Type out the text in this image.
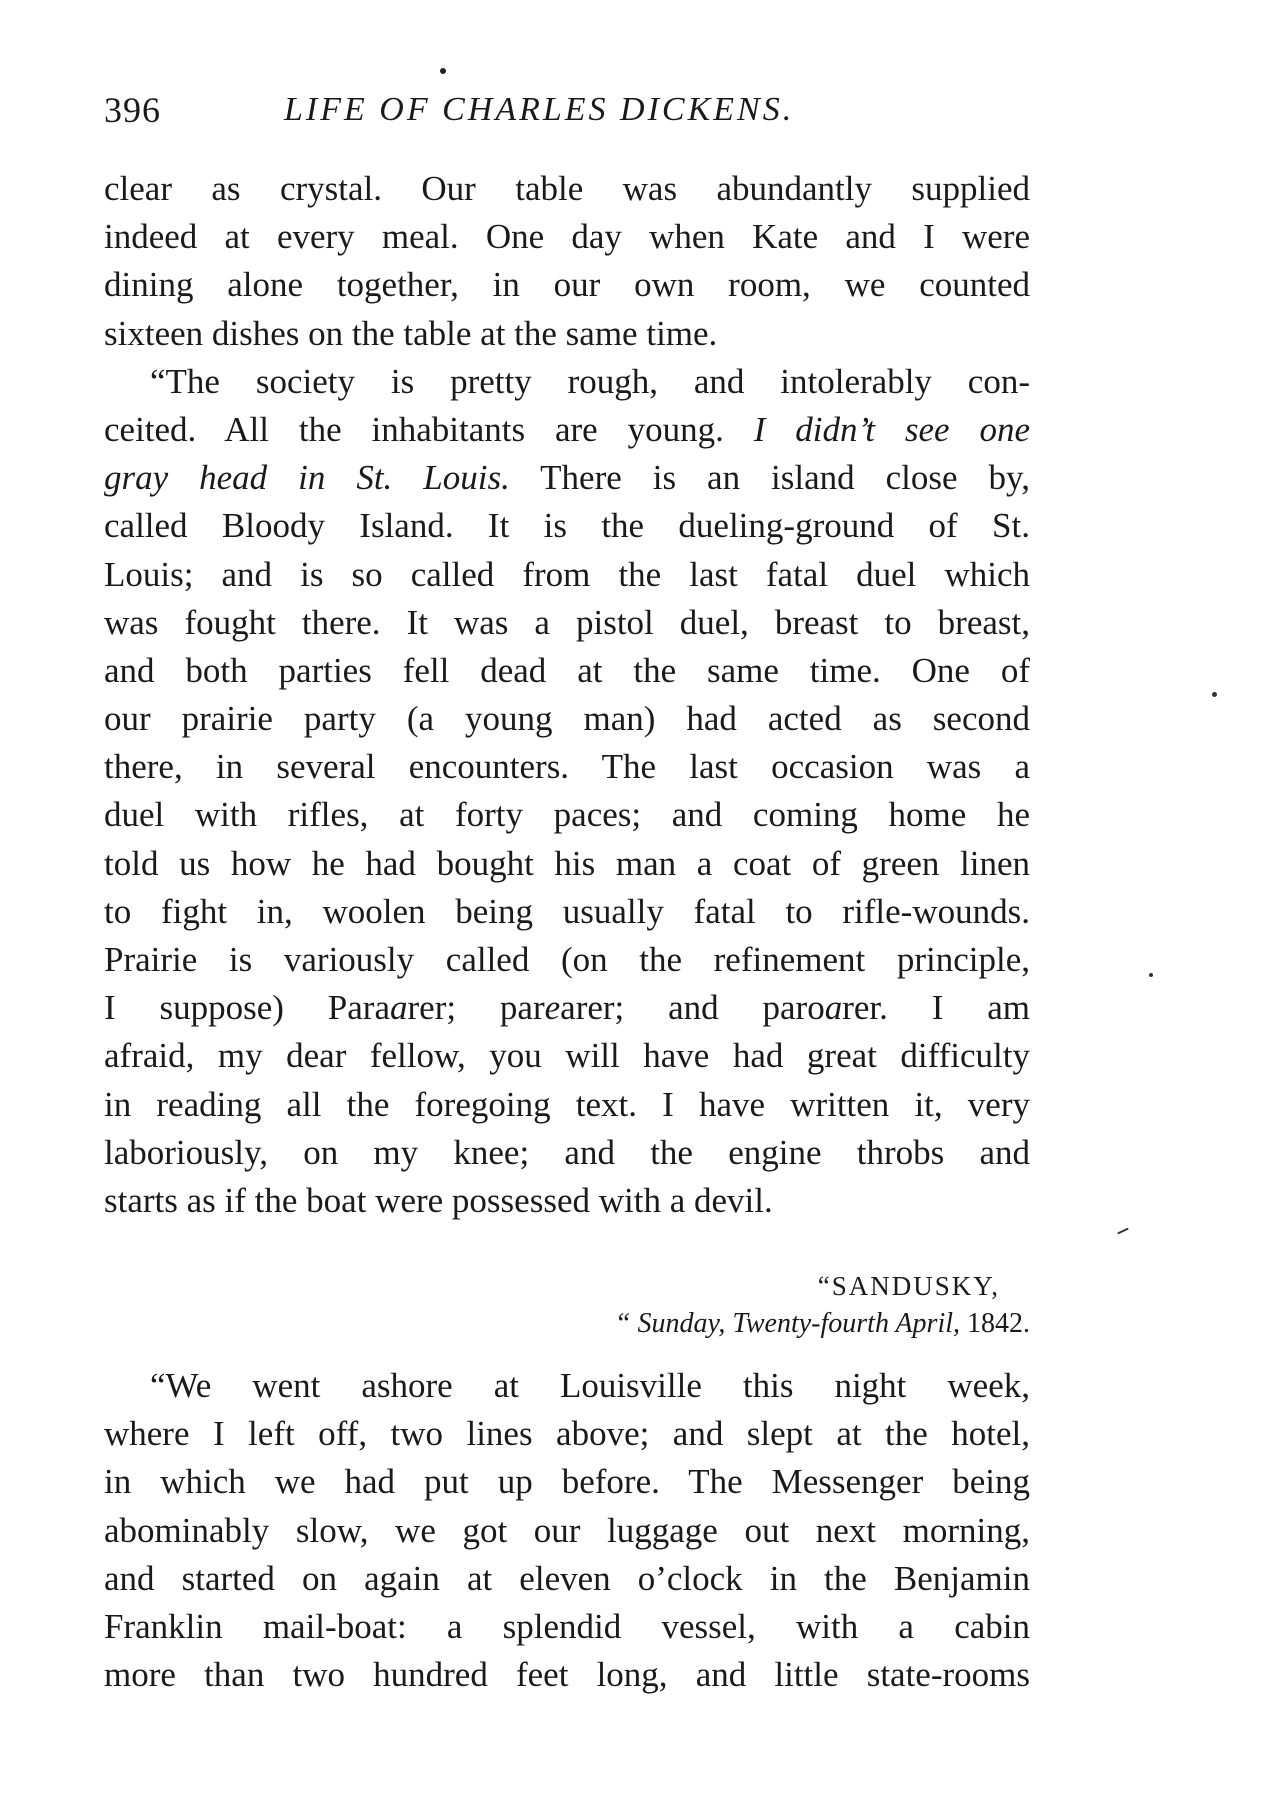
396	LIFE OF CHARLES DICKENS.
clear as crystal. Our table was abundantly supplied
indeed at every meal. One day when Kate and I were
dining alone together, in our own room, we counted
sixteen dishes on the table at the same time.
“The society is pretty rough, and intolerably con-
ceited. All the inhabitants are young. I didn’t see one
gray head in St. Louis. There is an island close by,
called Bloody Island. It is the dueling-ground of St.
Louis; and is so called from the last fatal duel which
was fought there. It was a pistol duel, breast to breast,
and both parties fell dead at the same time. One of
our prairie party (a young man) had acted as second
there, in several encounters. The last occasion was a
duel with rifles, at forty paces; and coming home he
told us how he had bought his man a coat of green linen
to fight in, woolen being usually fatal to rifle-wounds.
Prairie is variously called (on the refinement principle,
I suppose) Paraarer; parearer; and paroarer. I am
afraid, my dear fellow, you will have had great difficulty
in reading all the foregoing text. I have written it, very
laboriously, on my knee; and the engine throbs and
starts as if the boat were possessed with a devil.
“SANDUSKY,
“ Sunday, Twenty-fourth April, 1842.
“We went ashore at Louisville this night week,
where I left off, two lines above; and slept at the hotel,
in which we had put up before. The Messenger being
abominably slow, we got our luggage out next morning,
and started on again at eleven o’clock in the Benjamin
Franklin mail-boat: a splendid vessel, with a cabin
more than two hundred feet long, and little state-rooms
